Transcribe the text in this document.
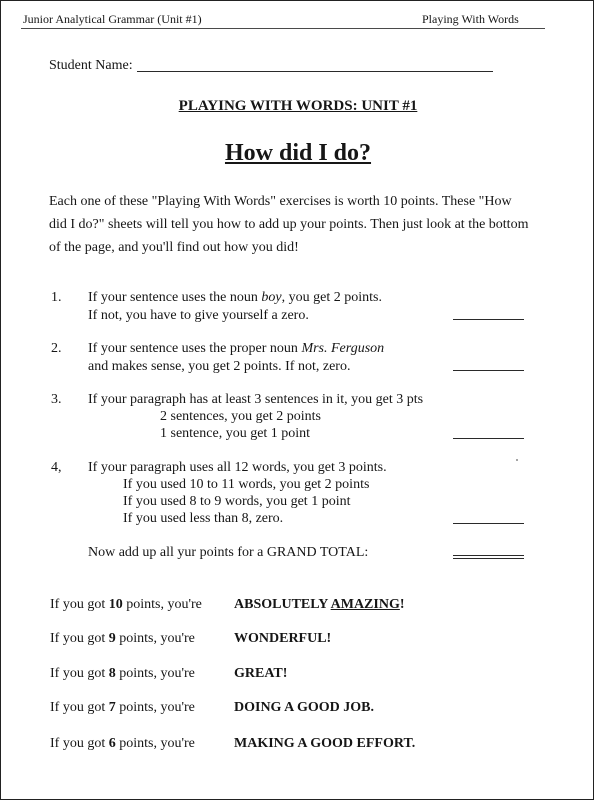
Junior Analytical Grammar (Unit #1)	Playing With Words
Student Name:
PLAYING WITH WORDS: UNIT #1
How did I do?
Each one of these "Playing With Words" exercises is worth 10 points. These "How
did I do?" sheets will tell you how to add up your points. Then just look at the bottom
of the page, and you'll find out how you did!
1. If your sentence uses the noun boy, you get 2 points.
If not, you have to give yourself a zero.
2. If your sentence uses the proper noun Mrs. Ferguson
and makes sense, you get 2 points. If not, zero.
3. If your paragraph has at least 3 sentences in it, you get 3 pts
2 sentences, you get 2 points
1 sentence, you get 1 point
4, If your paragraph uses all 12 words, you get 3 points.
If you used 10 to 11 words, you get 2 points
If you used 8 to 9 words, you get 1 point
If you used less than 8, zero.
Now add up all yur points for a GRAND TOTAL:
If you got 10 points, you're ABSOLUTELY AMAZING!
If you got 9 points, you're	WONDERFUL!
If you got 8 points, you're	GREAT!
If you got 7 points, you're	DOING A GOOD JOB.
If you got 6 points, you're	MAKING A GOOD EFFORT.
